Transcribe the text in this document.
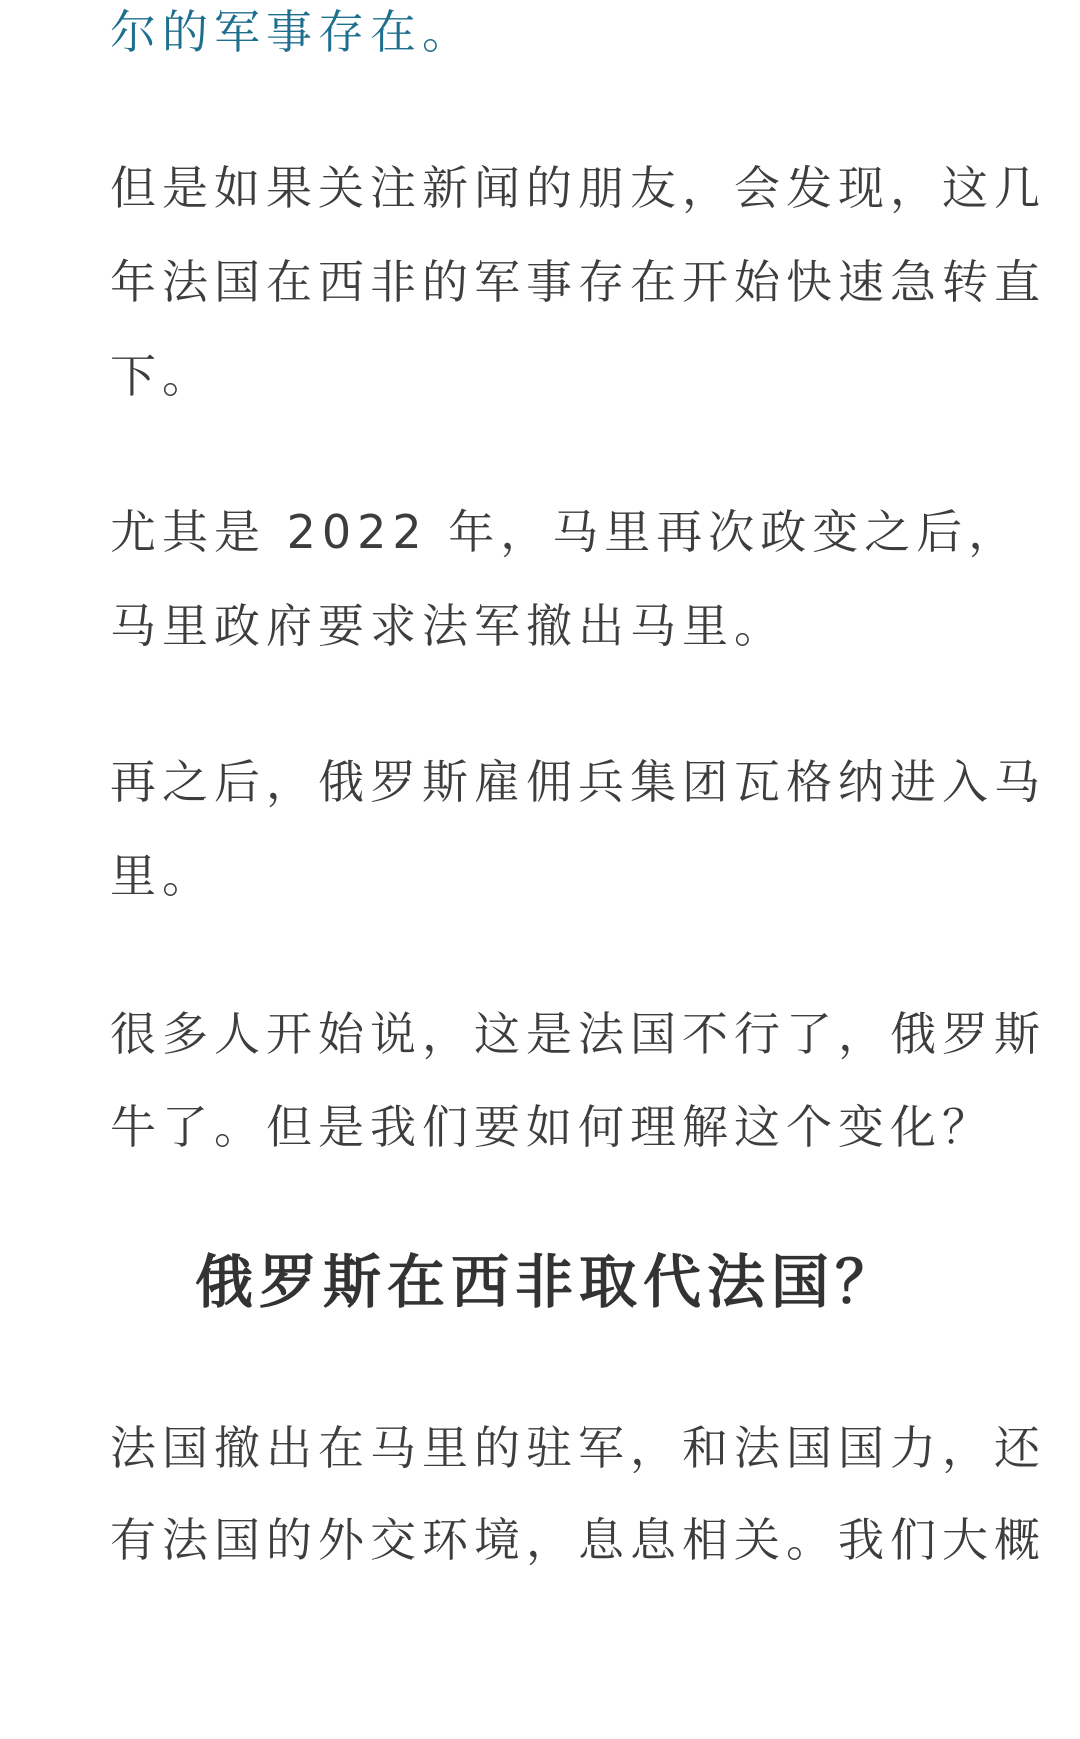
尔的军事存在。
但是如果关注新闻的朋友，会发现，这几
年法国在西非的军事存在开始快速急转直
下。
尤其是 2022 年，马里再次政变之后，
马里政府要求法军撤出马里。
再之后，俄罗斯雇佣兵集团瓦格纳进入马
里。
很多人开始说，这是法国不行了，俄罗斯
牛了。但是我们要如何理解这个变化？
俄罗斯在西非取代法国？
法国撤出在马里的驻军，和法国国力，还
有法国的外交环境，息息相关。我们大概
